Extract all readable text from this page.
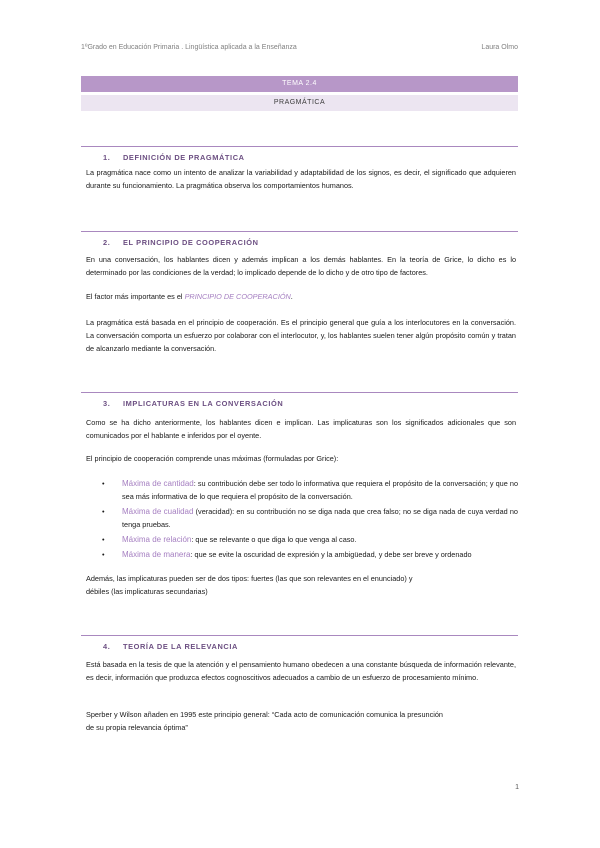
1ºGrado en Educación Primaria . Lingüística aplicada a la Enseñanza	Laura Olmo
TEMA 2.4
PRAGMÁTICA
1. DEFINICIÓN DE PRAGMÁTICA

La pragmática nace como un intento de analizar la variabilidad y adaptabilidad de los signos, es decir, el significado que adquieren durante su funcionamiento. La pragmática observa los comportamientos humanos.

2. EL PRINCIPIO DE COOPERACIÓN

En una conversación, los hablantes dicen y además implican a los demás hablantes. En la teoría de Grice, lo dicho es lo determinado por las condiciones de la verdad; lo implicado depende de lo dicho y de otro tipo de factores.

El factor más importante es el PRINCIPIO DE COOPERACIÓN.

La pragmática está basada en el principio de cooperación. Es el principio general que guía a los interlocutores en la conversación. La conversación comporta un esfuerzo por colaborar con el interlocutor, y, los hablantes suelen tener algún propósito común y tratan de alcanzarlo mediante la conversación.

3. IMPLICATURAS EN LA CONVERSACIÓN

Como se ha dicho anteriormente, los hablantes dicen e implican. Las implicaturas son los significados adicionales que son comunicados por el hablante e inferidos por el oyente.

El principio de cooperación comprende unas máximas (formuladas por Grice):

• Máxima de cantidad: su contribución debe ser todo lo informativa que requiera el propósito de la conversación; y que no sea más informativa de lo que requiera el propósito de la conversación.
• Máxima de cualidad (veracidad): en su contribución no se diga nada que crea falso; no se diga nada de cuya verdad no tenga pruebas.
• Máxima de relación: que se relevante o que diga lo que venga al caso.
• Máxima de manera: que se evite la oscuridad de expresión y la ambigüedad, y debe ser breve y ordenado

Además, las implicaturas pueden ser de dos tipos: fuertes (las que son relevantes en el enunciado) y débiles (las implicaturas secundarias)

4. TEORÍA DE LA RELEVANCIA

Está basada en la tesis de que la atención y el pensamiento humano obedecen a una constante búsqueda de información relevante, es decir, información que produzca efectos cognoscitivos adecuados a cambio de un esfuerzo de procesamiento mínimo.

Sperber y Wilson añaden en 1995 este principio general: “Cada acto de comunicación comunica la presunción de su propia relevancia óptima”

1
